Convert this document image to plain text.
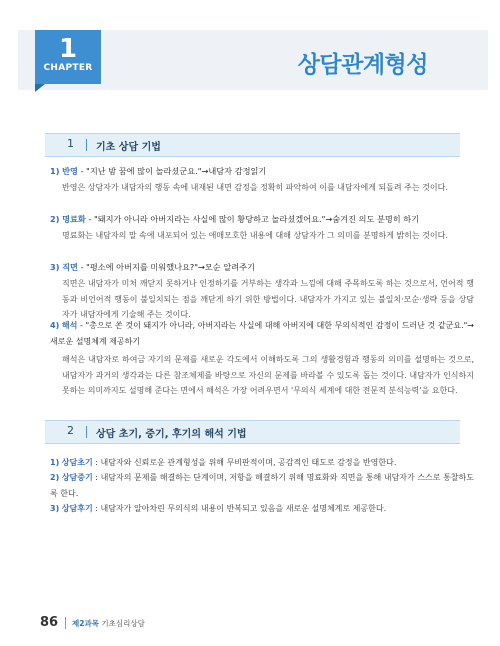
1
CHAPTER	상담관계형성
1 기초 상담 기법
1) 반영 - "지난 밤 꿈에 많이 놀라셨군요."→내담자 감정읽기
반영은 상담자가 내담자의 행동 속에 내재된 내면 감정을 정확히 파악하여 이를 내담자에게 되돌려 주는 것이다.
2) 명료화 - "돼지가 아니라 아버지라는 사실에 많이 황당하고 놀라셨겠어요."→숨겨진 의도 분명히 하기
명료화는 내담자의 말 속에 내포되어 있는 애매모호한 내용에 대해 상담자가 그 의미를 분명하게 밝히는 것이다.
3) 직면 - "평소에 아버지를 미워했나요?"→모순 알려주기
직면은 내담자가 미처 깨닫지 못하거나 인정하기를 거부하는 생각과 느낌에 대해 주목하도록 하는 것으로서, 언어적 행동과 비언어적 행동이 불일치되는 점을 깨닫게 하기 위한 방법이다. 내담자가 가지고 있는 불일치·모순·생략 등을 상담자가 내담자에게 기술해 주는 것이다.
4) 해석 - "총으로 쏜 것이 돼지가 아니라, 아버지라는 사실에 대해 아버지에 대한 무의식적인 감정이 드러난 것 같군요."→새로운 설명체계 제공하기
해석은 내담자로 하여금 자기의 문제를 새로운 각도에서 이해하도록 그의 생활경험과 행동의 의미를 설명하는 것으로, 내담자가 과거의 생각과는 다른 참조체제를 바탕으로 자신의 문제를 바라볼 수 있도록 돕는 것이다. 내담자가 인식하지 못하는 의미까지도 설명해 준다는 면에서 해석은 가장 어려우면서 '무의식 세계에 대한 전문적 분석능력'을 요한다.
2 상담 초기, 중기, 후기의 해석 기법
1) 상담초기 : 내담자와 신뢰로운 관계형성을 위해 무비판적이며, 공감적인 태도로 감정을 반영한다.
2) 상담중기 : 내담자의 문제를 해결하는 단계이며, 저항을 해결하기 위해 명료화와 직면을 통해 내담자가 스스로 통찰하도록 한다.
3) 상담후기 : 내담자가 알아차린 무의식의 내용이 반복되고 있음을 새로운 설명체계로 제공한다.
86 제2과목 기초심리상담
